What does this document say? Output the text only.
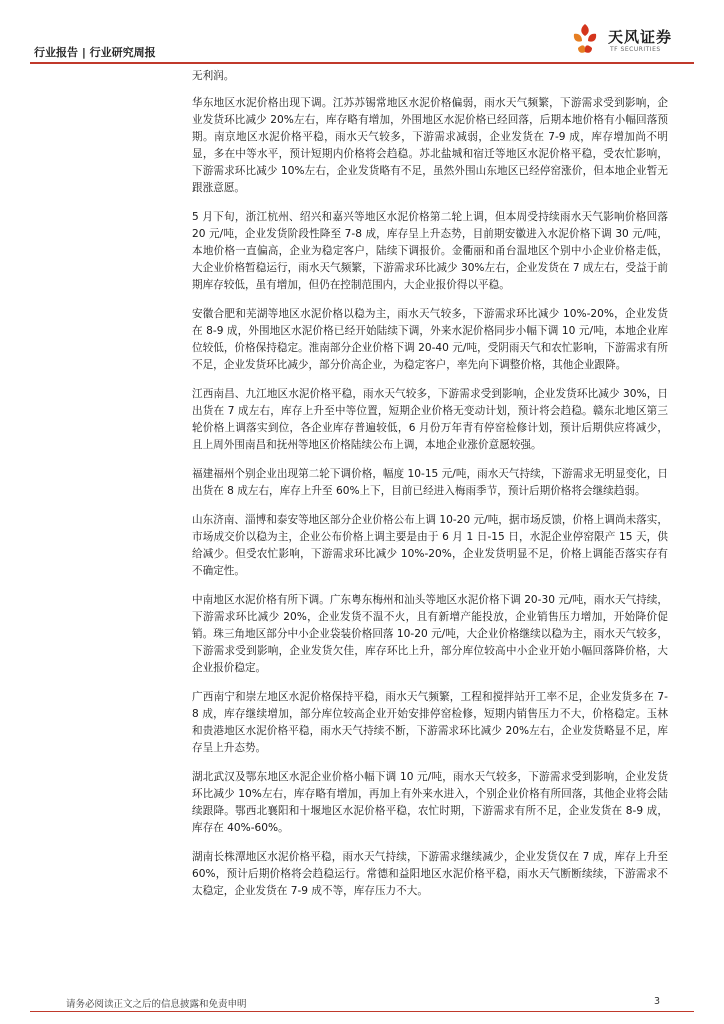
行业报告 | 行业研究周报
天风证券
TF SECURITIES

无利润。

华东地区水泥价格出现下调。江苏苏锡常地区水泥价格偏弱，雨水天气频繁，下游需求受到影响，企业发货环比减少 20%左右，库存略有增加，外围地区水泥价格已经回落，后期本地价格有小幅回落预期。南京地区水泥价格平稳，雨水天气较多，下游需求减弱，企业发货在 7-9 成，库存增加尚不明显，多在中等水平，预计短期内价格将会趋稳。苏北盐城和宿迁等地区水泥价格平稳，受农忙影响，下游需求环比减少 10%左右，企业发货略有不足，虽然外围山东地区已经停窑涨价，但本地企业暂无跟涨意愿。

5 月下旬，浙江杭州、绍兴和嘉兴等地区水泥价格第二轮上调，但本周受持续雨水天气影响价格回落 20 元/吨，企业发货阶段性降至 7-8 成，库存呈上升态势，目前期安徽进入水泥价格下调 30 元/吨，本地价格一直偏高，企业为稳定客户，陆续下调报价。金衢丽和甬台温地区个别中小企业价格走低，大企业价格暂稳运行，雨水天气频繁，下游需求环比减少 30%左右，企业发货在 7 成左右，受益于前期库存较低，虽有增加，但仍在控制范围内，大企业报价得以平稳。

安徽合肥和芜湖等地区水泥价格以稳为主，雨水天气较多，下游需求环比减少 10%-20%，企业发货在 8-9 成，外围地区水泥价格已经开始陆续下调，外来水泥价格同步小幅下调 10 元/吨，本地企业库位较低，价格保持稳定。淮南部分企业价格下调 20-40 元/吨，受阴雨天气和农忙影响，下游需求有所不足，企业发货环比减少，部分价高企业，为稳定客户，率先向下调整价格，其他企业跟降。

江西南昌、九江地区水泥价格平稳，雨水天气较多，下游需求受到影响，企业发货环比减少 30%，日出货在 7 成左右，库存上升至中等位置，短期企业价格无变动计划，预计将会趋稳。赣东北地区第三轮价格上调落实到位，各企业库存普遍较低，6 月份万年青有停窑检修计划，预计后期供应将减少，且上周外围南昌和抚州等地区价格陆续公布上调，本地企业涨价意愿较强。

福建福州个别企业出现第二轮下调价格，幅度 10-15 元/吨，雨水天气持续，下游需求无明显变化，日出货在 8 成左右，库存上升至 60%上下，目前已经进入梅雨季节，预计后期价格将会继续趋弱。

山东济南、淄博和泰安等地区部分企业价格公布上调 10-20 元/吨，据市场反馈，价格上调尚未落实，市场成交价以稳为主，企业公布价格上调主要是由于 6 月 1 日-15 日，水泥企业停窑限产 15 天，供给减少。但受农忙影响，下游需求环比减少 10%-20%，企业发货明显不足，价格上调能否落实存有不确定性。

中南地区水泥价格有所下调。广东粤东梅州和汕头等地区水泥价格下调 20-30 元/吨，雨水天气持续，下游需求环比减少 20%，企业发货不温不火，且有新增产能投放，企业销售压力增加，开始降价促销。珠三角地区部分中小企业袋装价格回落 10-20 元/吨，大企业价格继续以稳为主，雨水天气较多，下游需求受到影响，企业发货欠佳，库存环比上升，部分库位较高中小企业开始小幅回落降价格，大企业报价稳定。

广西南宁和崇左地区水泥价格保持平稳，雨水天气频繁，工程和搅拌站开工率不足，企业发货多在 7-8 成，库存继续增加，部分库位较高企业开始安排停窑检修，短期内销售压力不大，价格稳定。玉林和贵港地区水泥价格平稳，雨水天气持续不断，下游需求环比减少 20%左右，企业发货略显不足，库存呈上升态势。

湖北武汉及鄂东地区水泥企业价格小幅下调 10 元/吨，雨水天气较多，下游需求受到影响，企业发货环比减少 10%左右，库存略有增加，再加上有外来水进入，个别企业价格有所回落，其他企业将会陆续跟降。鄂西北襄阳和十堰地区水泥价格平稳，农忙时期，下游需求有所不足，企业发货在 8-9 成，库存在 40%-60%。

湖南长株潭地区水泥价格平稳，雨水天气持续，下游需求继续减少，企业发货仅在 7 成，库存上升至 60%，预计后期价格将会趋稳运行。常德和益阳地区水泥价格平稳，雨水天气断断续续，下游需求不太稳定，企业发货在 7-9 成不等，库存压力不大。

请务必阅读正文之后的信息披露和免责申明	3
